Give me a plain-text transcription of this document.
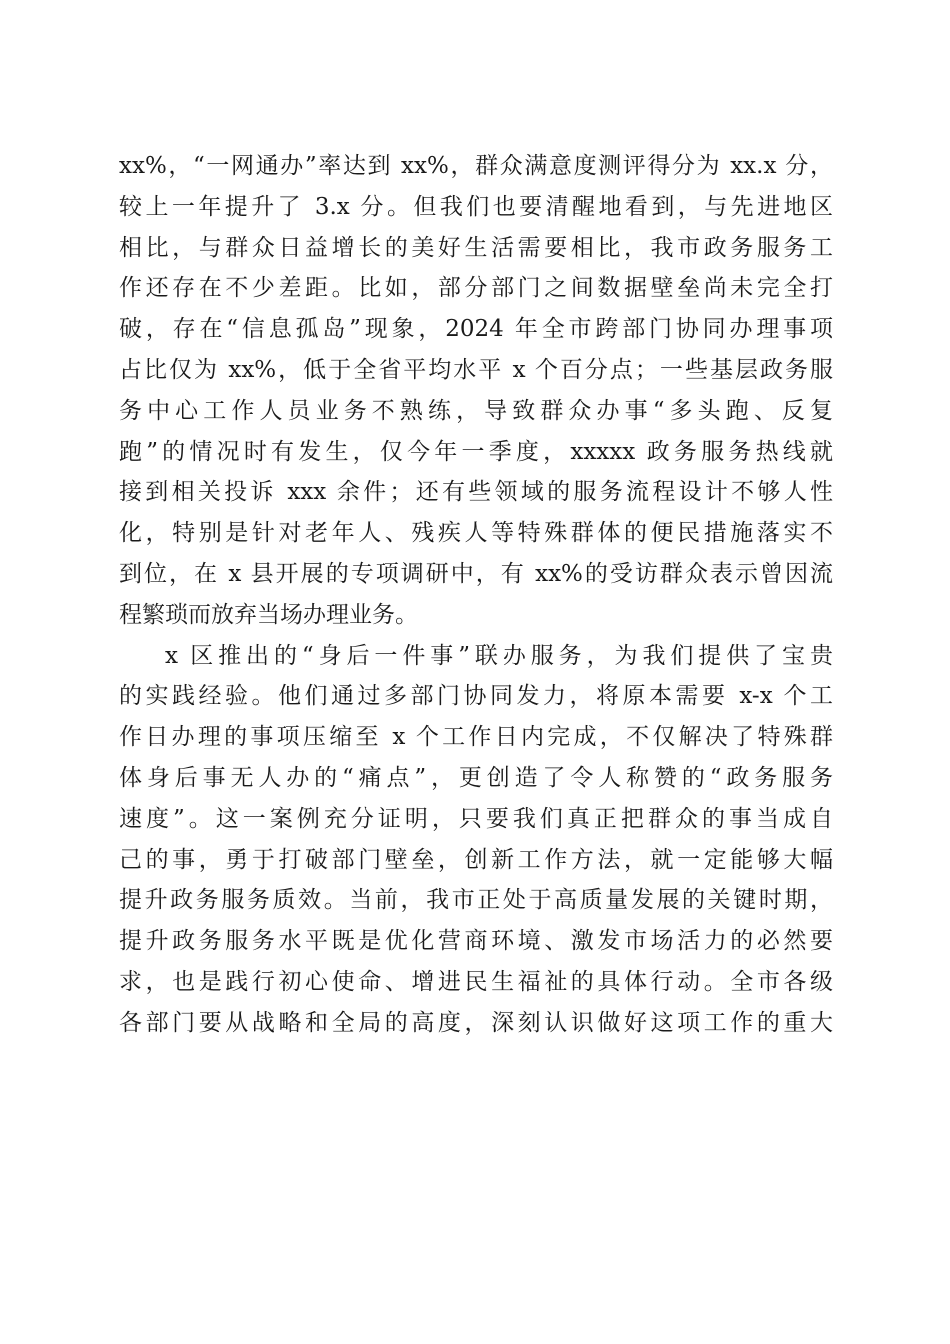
xx%，“一网通办”率达到 xx%，群众满意度测评得分为 xx.x 分，
较上一年提升了 3.x 分。但我们也要清醒地看到，与先进地区
相比，与群众日益增长的美好生活需要相比，我市政务服务工
作还存在不少差距。比如，部分部门之间数据壁垒尚未完全打
破，存在“信息孤岛”现象，2024 年全市跨部门协同办理事项
占比仅为 xx%，低于全省平均水平 x 个百分点；一些基层政务服
务中心工作人员业务不熟练，导致群众办事“多头跑、反复
跑”的情况时有发生，仅今年一季度，xxxxx 政务服务热线就
接到相关投诉 xxx 余件；还有些领域的服务流程设计不够人性
化，特别是针对老年人、残疾人等特殊群体的便民措施落实不
到位，在 x 县开展的专项调研中，有 xx%的受访群众表示曾因流
程繁琐而放弃当场办理业务。
x 区推出的“身后一件事”联办服务，为我们提供了宝贵
的实践经验。他们通过多部门协同发力，将原本需要 x-x 个工
作日办理的事项压缩至 x 个工作日内完成，不仅解决了特殊群
体身后事无人办的“痛点”，更创造了令人称赞的“政务服务
速度”。这一案例充分证明，只要我们真正把群众的事当成自
己的事，勇于打破部门壁垒，创新工作方法，就一定能够大幅
提升政务服务质效。当前，我市正处于高质量发展的关键时期，
提升政务服务水平既是优化营商环境、激发市场活力的必然要
求，也是践行初心使命、增进民生福祉的具体行动。全市各级
各部门要从战略和全局的高度，深刻认识做好这项工作的重大
